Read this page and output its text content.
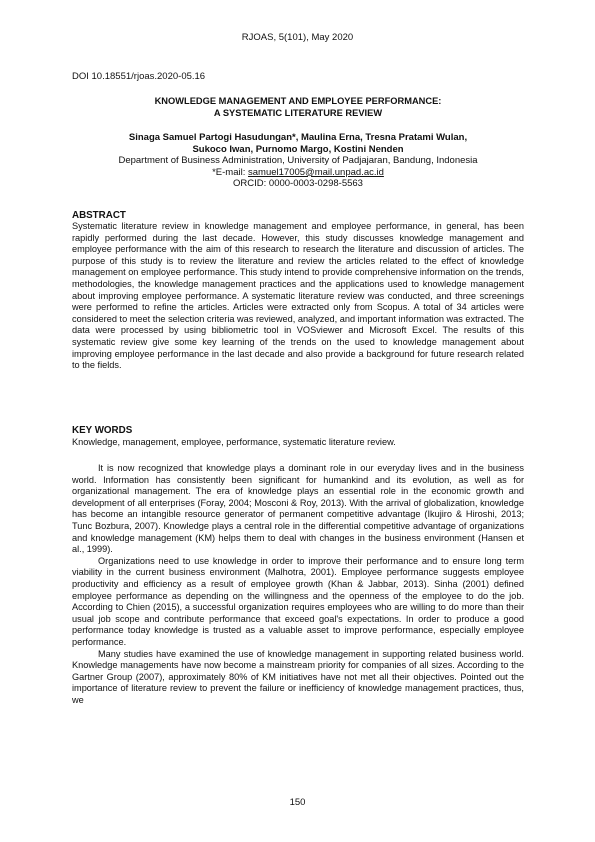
RJOAS, 5(101), May 2020
DOI 10.18551/rjoas.2020-05.16
KNOWLEDGE MANAGEMENT AND EMPLOYEE PERFORMANCE:
A SYSTEMATIC LITERATURE REVIEW
Sinaga Samuel Partogi Hasudungan*, Maulina Erna, Tresna Pratami Wulan,
Sukoco Iwan, Purnomo Margo, Kostini Nenden
Department of Business Administration, University of Padjajaran, Bandung, Indonesia
*E-mail: samuel17005@mail.unpad.ac.id
ORCID: 0000-0003-0298-5563
ABSTRACT
Systematic literature review in knowledge management and employee performance, in general, has been rapidly performed during the last decade. However, this study discusses knowledge management and employee performance with the aim of this research to research the literature and discussion of articles. The purpose of this study is to review the literature and review the articles related to the effect of knowledge management on employee performance. This study intend to provide comprehensive information on the trends, methodologies, the knowledge management practices and the applications used to knowledge management about improving employee performance. A systematic literature review was conducted, and three screenings were performed to refine the articles. Articles were extracted only from Scopus. A total of 34 articles were considered to meet the selection criteria was reviewed, analyzed, and important information was extracted. The data were processed by using bibliometric tool in VOSviewer and Microsoft Excel. The results of this systematic review give some key learning of the trends on the used to knowledge management about improving employee performance in the last decade and also provide a background for future research related to the fields.
KEY WORDS
Knowledge, management, employee, performance, systematic literature review.

It is now recognized that knowledge plays a dominant role in our everyday lives and in the business world. Information has consistently been significant for humankind and its evolution, as well as for organizational management. The era of knowledge plays an essential role in the economic growth and development of all enterprises (Foray, 2004; Mosconi & Roy, 2013). With the arrival of globalization, knowledge has become an intangible resource generator of permanent competitive advantage (Ikujiro & Hiroshi, 2013; Tunc Bozbura, 2007). Knowledge plays a central role in the differential competitive advantage of organizations and knowledge management (KM) helps them to deal with changes in the business environment (Hansen et al., 1999).

Organizations need to use knowledge in order to improve their performance and to ensure long term viability in the current business environment (Malhotra, 2001). Employee performance suggests employee productivity and efficiency as a result of employee growth (Khan & Jabbar, 2013). Sinha (2001) defined employee performance as depending on the willingness and the openness of the employee to do the job. According to Chien (2015), a successful organization requires employees who are willing to do more than their usual job scope and contribute performance that exceed goal's expectations. In order to produce a good performance today knowledge is trusted as a valuable asset to improve performance, especially employee performance.

Many studies have examined the use of knowledge management in supporting related business world. Knowledge managements have now become a mainstream priority for companies of all sizes. According to the Gartner Group (2007), approximately 80% of KM initiatives have not met all their objectives. Pointed out the importance of literature review to prevent the failure or inefficiency of knowledge management practices, thus, we

150
